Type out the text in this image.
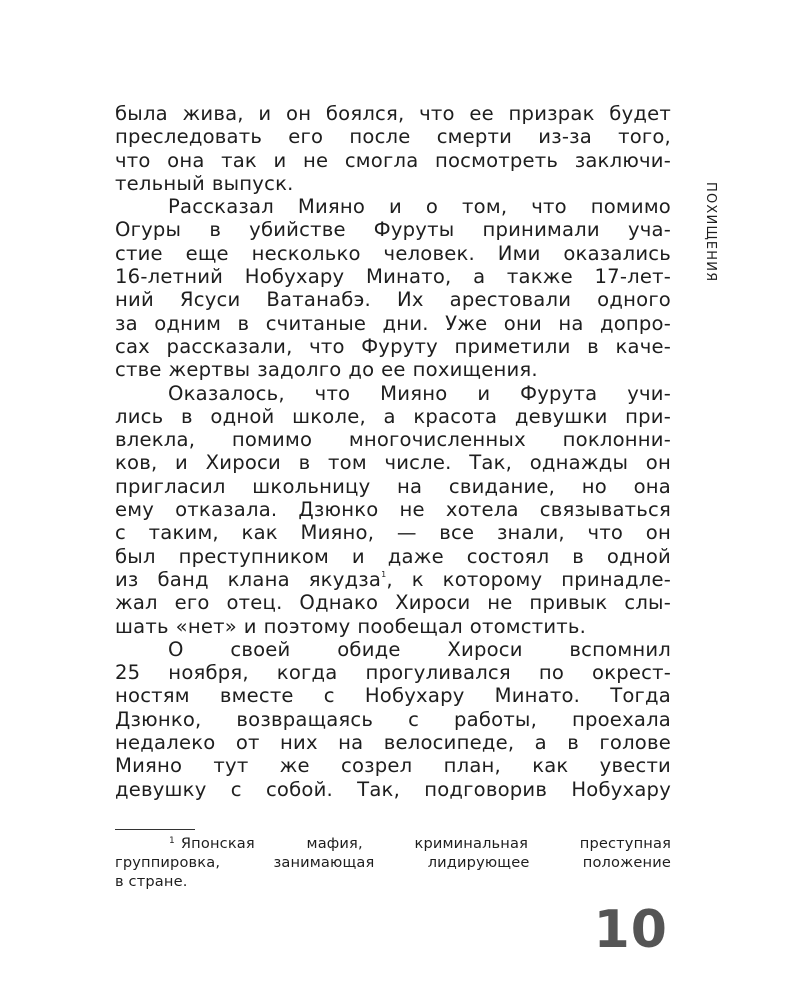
ПОХИЩЕНИЯ
была жива, и он боялся, что ее призрак будет
преследовать его после смерти из-за того,
что она так и не смогла посмотреть заключи-
тельный выпуск.
Рассказал Мияно и о том, что помимо
Огуры в убийстве Фуруты принимали уча-
стие еще несколько человек. Ими оказались
16-летний Нобухару Минато, а также 17-лет-
ний Ясуси Ватанабэ. Их арестовали одного
за одним в считаные дни. Уже они на допро-
сах рассказали, что Фуруту приметили в каче-
стве жертвы задолго до ее похищения.
Оказалось, что Мияно и Фурута учи-
лись в одной школе, а красота девушки при-
влекла, помимо многочисленных поклонни-
ков, и Хироси в том числе. Так, однажды он
пригласил школьницу на свидание, но она
ему отказала. Дзюнко не хотела связываться
с таким, как Мияно, — все знали, что он
был преступником и даже состоял в одной
из банд клана якудза$^1$, к которому принадле-
жал его отец. Однако Хироси не привык слы-
шать «нет» и поэтому пообещал отомстить.
О своей обиде Хироси вспомнил
25 ноября, когда прогуливался по окрест-
ностям вместе с Нобухару Минато. Тогда
Дзюнко, возвращаясь с работы, проехала
недалеко от них на велосипеде, а в голове
Мияно тут же созрел план, как увести
девушку с собой. Так, подговорив Нобухару
$^1$ Японская мафия, криминальная преступная
группировка, занимающая лидирующее положение
в стране.
10
